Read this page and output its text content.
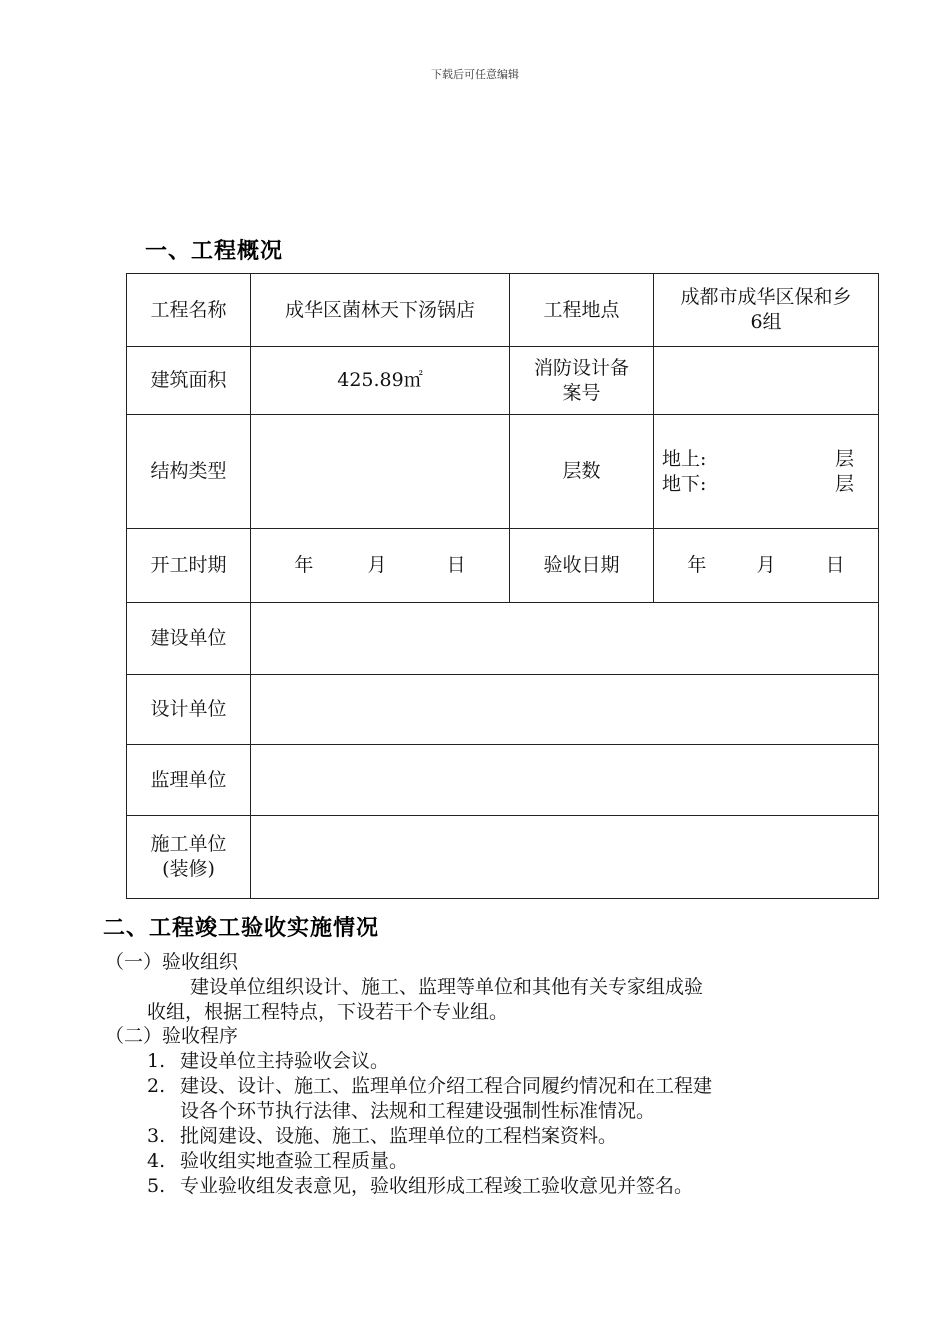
下载后可任意编辑
一、工程概况
工程名称	成华区菌林天下汤锅店	工程地点	成都市成华区保和乡
6组

建筑面积	425.89㎡	消防设计备
案号	

结构类型		层数	地上: 层
地下: 层

开工时期	年 月 日	验收日期	年 月 日
建设单位			
设计单位			
监理单位			

施工单位
(装修)			

二、工程竣工验收实施情况
（一）验收组织
建设单位组织设计、施工、监理等单位和其他有关专家组成验
收组，根据工程特点，下设若干个专业组。
（二）验收程序
1. 建设单位主持验收会议。
2. 建设、设计、施工、监理单位介绍工程合同履约情况和在工程建
设各个环节执行法律、法规和工程建设强制性标准情况。
3. 批阅建设、设施、施工、监理单位的工程档案资料。
4. 验收组实地查验工程质量。
5. 专业验收组发表意见，验收组形成工程竣工验收意见并签名。
